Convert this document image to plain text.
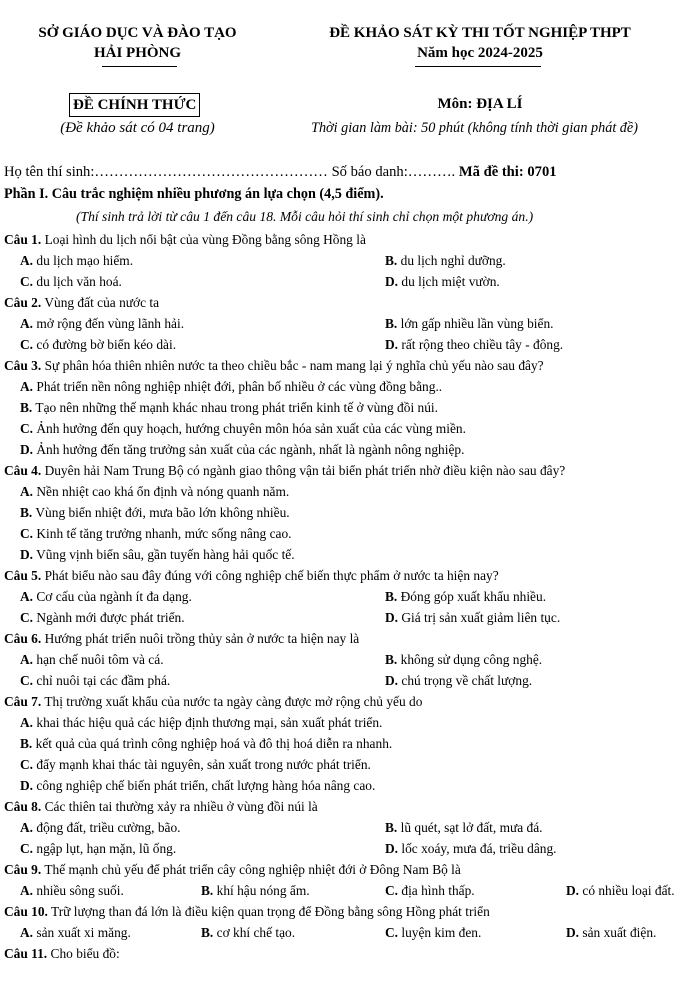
SỞ GIÁO DỤC VÀ ĐÀO TẠO
HẢI PHÒNG
ĐỀ KHẢO SÁT KỲ THI TỐT NGHIỆP THPT
Năm học 2024-2025
ĐỀ CHÍNH THỨC
(Đề khảo sát có 04 trang)
Môn: ĐỊA LÍ
Thời gian làm bài: 50 phút (không tính thời gian phát đề)
Họ tên thí sinh:………………………………………… Số báo danh:………. Mã đề thi: 0701
Phần I. Câu trắc nghiệm nhiều phương án lựa chọn (4,5 điểm).
(Thí sinh trả lời từ câu 1 đến câu 18. Mỗi câu hỏi thí sinh chỉ chọn một phương án.)
Câu 1. Loại hình du lịch nổi bật của vùng Đồng bằng sông Hồng là
A. du lịch mạo hiểm.	B. du lịch nghỉ dưỡng.
C. du lịch văn hoá.	D. du lịch miệt vườn.
Câu 2. Vùng đất của nước ta
A. mở rộng đến vùng lãnh hải.	B. lớn gấp nhiều lần vùng biển.
C. có đường bờ biển kéo dài.	D. rất rộng theo chiều tây - đông.
Câu 3. Sự phân hóa thiên nhiên nước ta theo chiều bắc - nam mang lại ý nghĩa chủ yếu nào sau đây?
A. Phát triển nền nông nghiệp nhiệt đới, phân bố nhiều ở các vùng đồng bằng..
B. Tạo nên những thế mạnh khác nhau trong phát triển kinh tế ở vùng đồi núi.
C. Ảnh hưởng đến quy hoạch, hướng chuyên môn hóa sản xuất của các vùng miền.
D. Ảnh hưởng đến tăng trưởng sản xuất của các ngành, nhất là ngành nông nghiệp.
Câu 4. Duyên hải Nam Trung Bộ có ngành giao thông vận tải biển phát triển nhờ điều kiện nào sau đây?
A. Nền nhiệt cao khá ổn định và nóng quanh năm.
B. Vùng biển nhiệt đới, mưa bão lớn không nhiều.
C. Kinh tế tăng trưởng nhanh, mức sống nâng cao.
D. Vũng vịnh biển sâu, gần tuyến hàng hải quốc tế.
Câu 5. Phát biểu nào sau đây đúng với công nghiệp chế biến thực phẩm ở nước ta hiện nay?
A. Cơ cấu của ngành ít đa dạng.	B. Đóng góp xuất khẩu nhiều.
C. Ngành mới được phát triển.	D. Giá trị sản xuất giảm liên tục.
Câu 6. Hướng phát triển nuôi trồng thủy sản ở nước ta hiện nay là
A. hạn chế nuôi tôm và cá.	B. không sử dụng công nghệ.
C. chỉ nuôi tại các đầm phá.	D. chú trọng về chất lượng.
Câu 7. Thị trường xuất khẩu của nước ta ngày càng được mở rộng chủ yếu do
A. khai thác hiệu quả các hiệp định thương mại, sản xuất phát triển.
B. kết quả của quá trình công nghiệp hoá và đô thị hoá diễn ra nhanh.
C. đẩy mạnh khai thác tài nguyên, sản xuất trong nước phát triển.
D. công nghiệp chế biến phát triển, chất lượng hàng hóa nâng cao.
Câu 8. Các thiên tai thường xảy ra nhiều ở vùng đồi núi là
A. động đất, triều cường, bão.	B. lũ quét, sạt lở đất, mưa đá.
C. ngập lụt, hạn mặn, lũ ống.	D. lốc xoáy, mưa đá, triều dâng.
Câu 9. Thế mạnh chủ yếu để phát triển cây công nghiệp nhiệt đới ở Đông Nam Bộ là
A. nhiều sông suối.	B. khí hậu nóng ẩm.	C. địa hình thấp.	D. có nhiều loại đất.
Câu 10. Trữ lượng than đá lớn là điều kiện quan trọng để Đồng bằng sông Hồng phát triển
A. sản xuất xi măng.	B. cơ khí chế tạo.	C. luyện kim đen.	D. sản xuất điện.
Câu 11. Cho biểu đồ:
